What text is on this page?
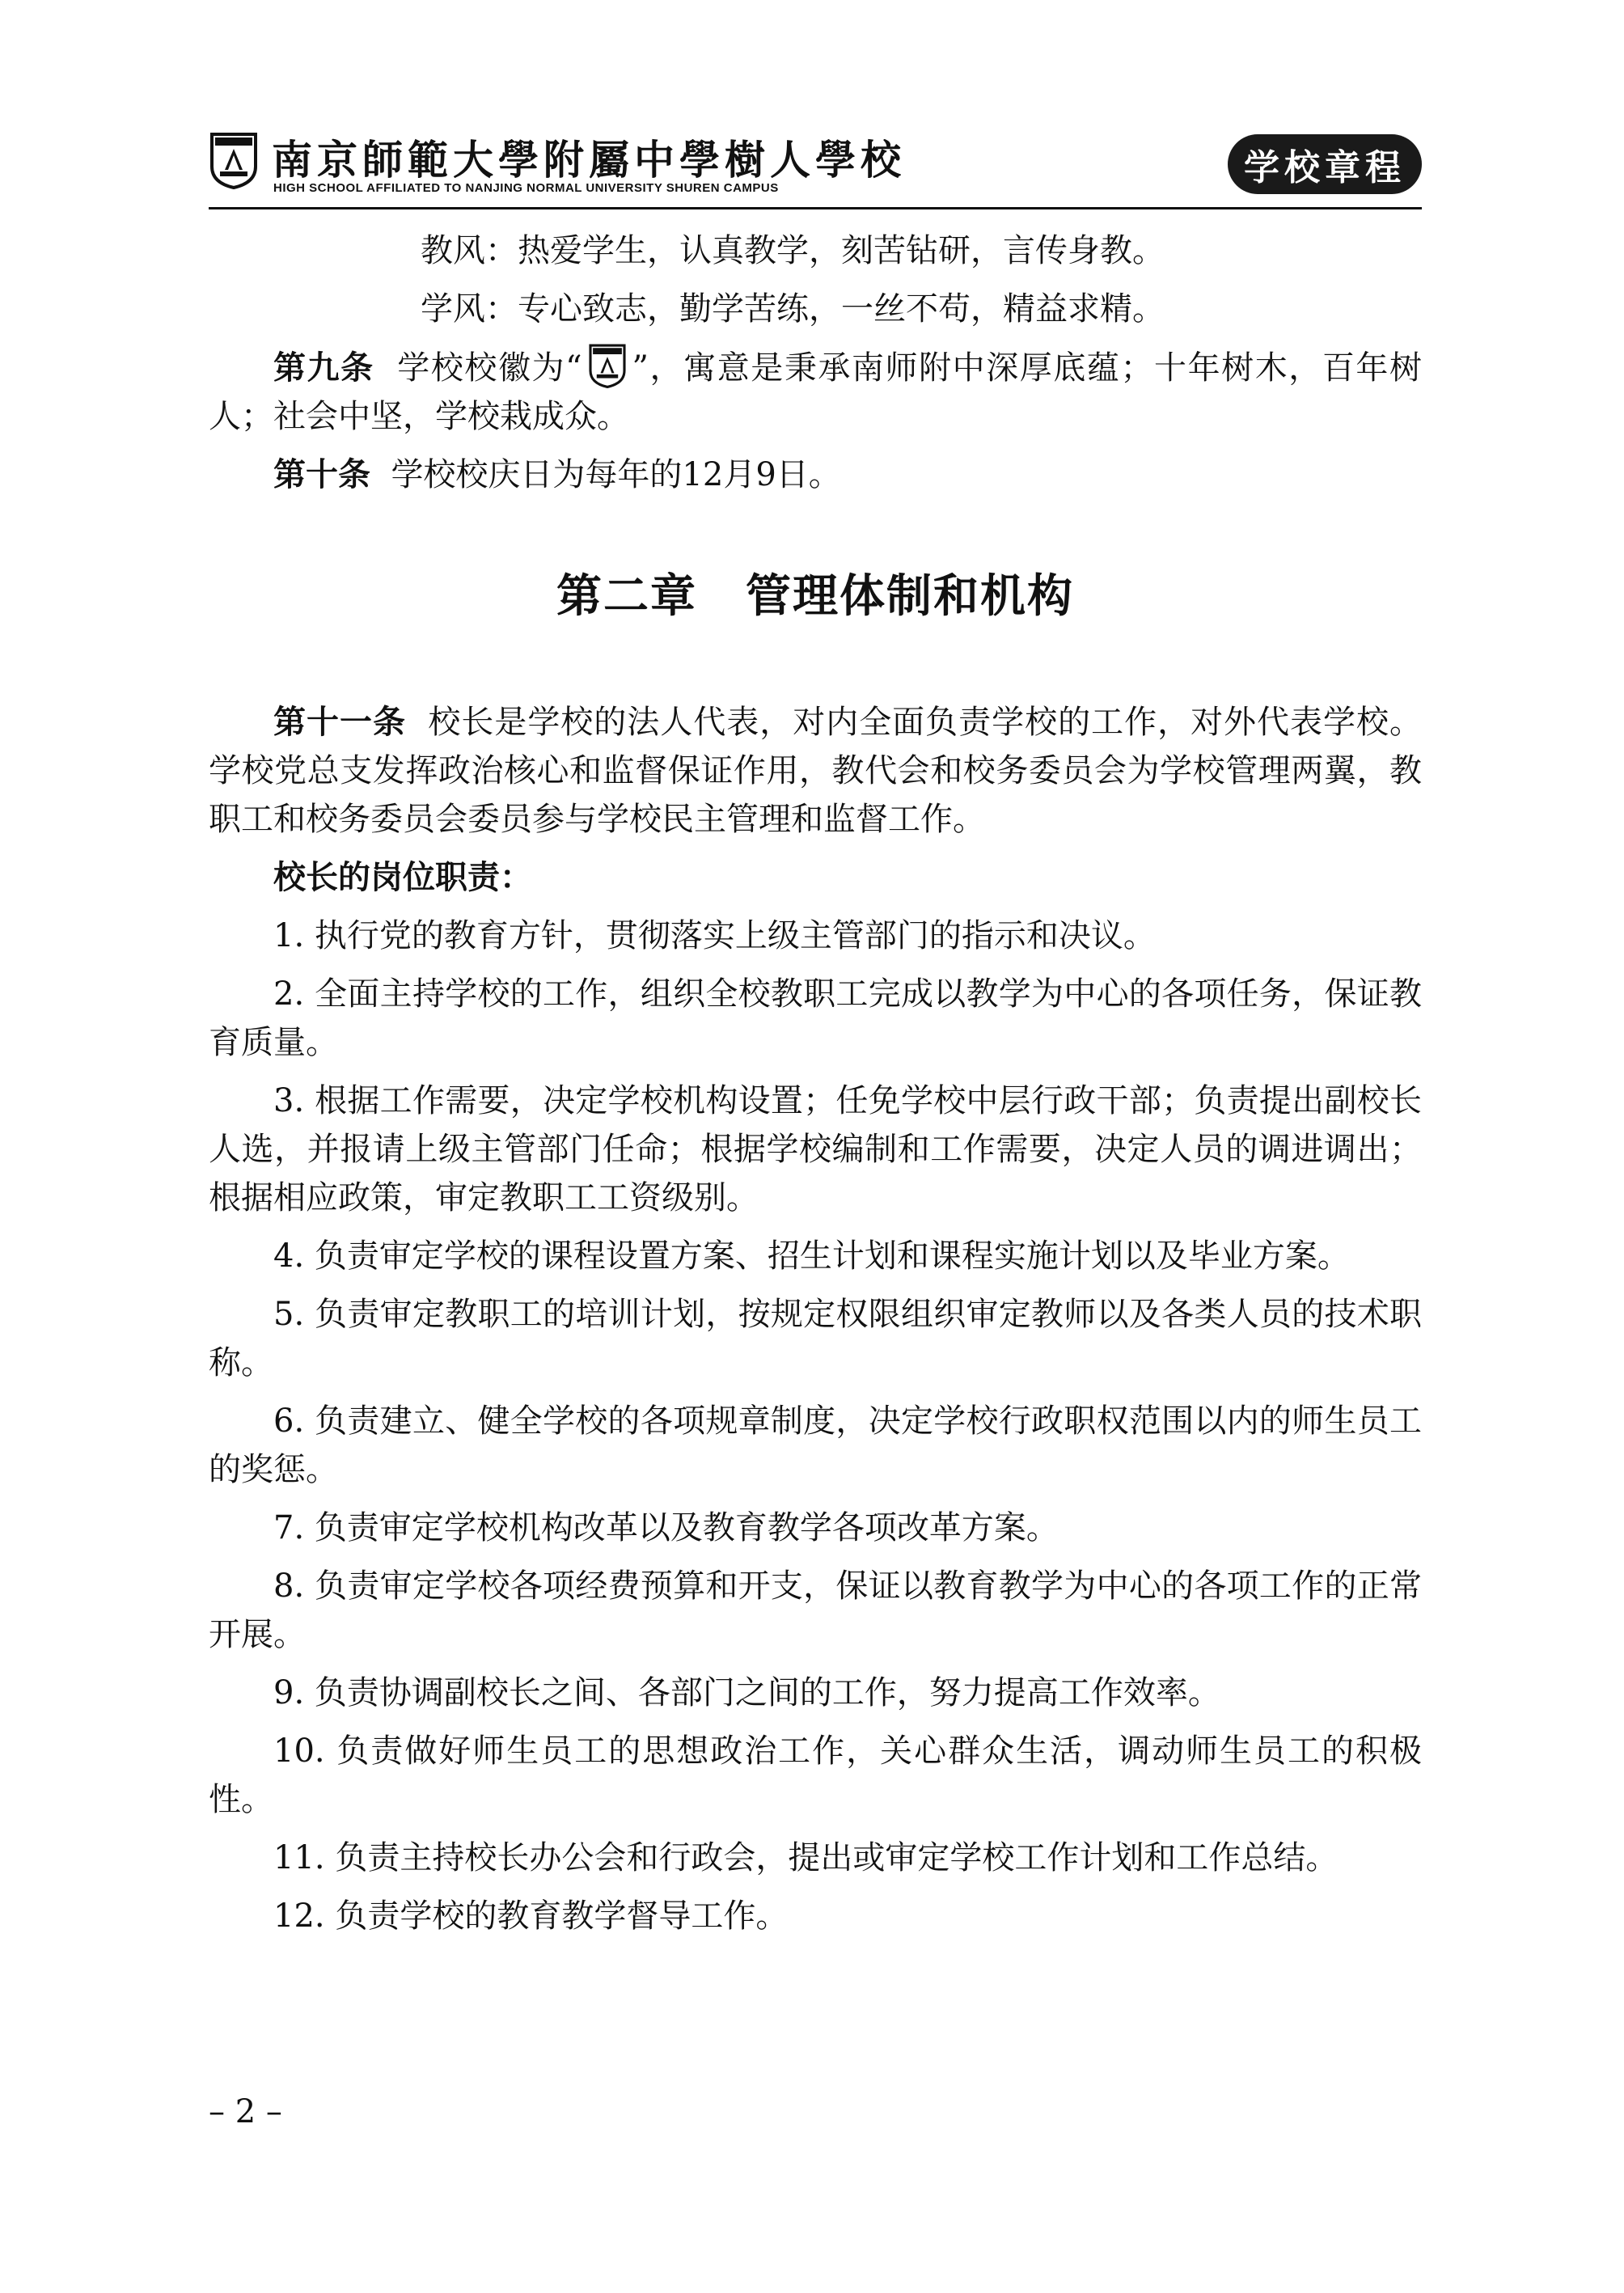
南京師範大學附屬中學樹人學校
HIGH SCHOOL AFFILIATED TO NANJING NORMAL UNIVERSITY SHUREN CAMPUS	学校章程

教风：热爱学生，认真教学，刻苦钻研，言传身教。

学风：专心致志，勤学苦练，一丝不苟，精益求精。

第九条 学校校徽为“ ”，寓意是秉承南师附中深厚底蕴；十年树木，百年树人；社会中坚，学校栽成众。

第十条 学校校庆日为每年的12月9日。

第二章 管理体制和机构

第十一条 校长是学校的法人代表，对内全面负责学校的工作，对外代表学校。学校党总支发挥政治核心和监督保证作用，教代会和校务委员会为学校管理两翼，教职工和校务委员会委员参与学校民主管理和监督工作。

校长的岗位职责：

1. 执行党的教育方针，贯彻落实上级主管部门的指示和决议。

2. 全面主持学校的工作，组织全校教职工完成以教学为中心的各项任务，保证教育质量。

3. 根据工作需要，决定学校机构设置；任免学校中层行政干部；负责提出副校长人选，并报请上级主管部门任命；根据学校编制和工作需要，决定人员的调进调出；根据相应政策，审定教职工工资级别。

4. 负责审定学校的课程设置方案、招生计划和课程实施计划以及毕业方案。

5. 负责审定教职工的培训计划，按规定权限组织审定教师以及各类人员的技术职称。

6. 负责建立、健全学校的各项规章制度，决定学校行政职权范围以内的师生员工的奖惩。

7. 负责审定学校机构改革以及教育教学各项改革方案。

8. 负责审定学校各项经费预算和开支，保证以教育教学为中心的各项工作的正常开展。

9. 负责协调副校长之间、各部门之间的工作，努力提高工作效率。

10. 负责做好师生员工的思想政治工作，关心群众生活，调动师生员工的积极性。

11. 负责主持校长办公会和行政会，提出或审定学校工作计划和工作总结。

12. 负责学校的教育教学督导工作。

– 2 –
